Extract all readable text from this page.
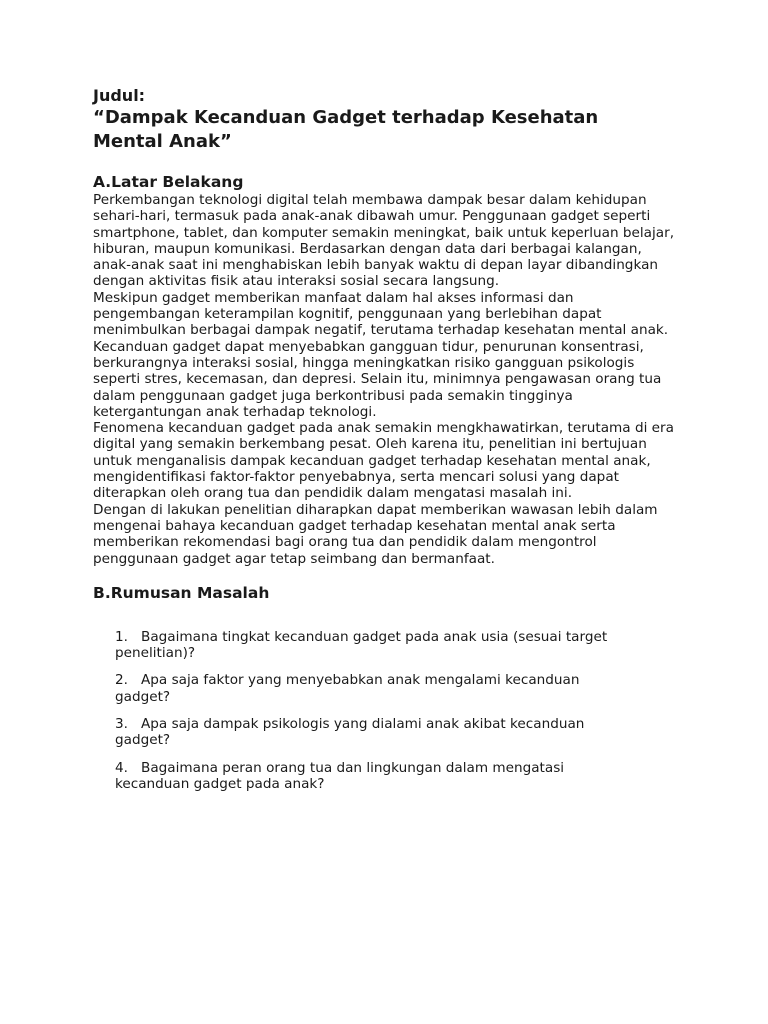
Judul:
“Dampak Kecanduan Gadget terhadap Kesehatan Mental Anak”
A.Latar Belakang

Perkembangan teknologi digital telah membawa dampak besar dalam kehidupan sehari-hari, termasuk pada anak-anak dibawah umur. Penggunaan gadget seperti smartphone, tablet, dan komputer semakin meningkat, baik untuk keperluan belajar, hiburan, maupun komunikasi. Berdasarkan dengan data dari berbagai kalangan, anak-anak saat ini menghabiskan lebih banyak waktu di depan layar dibandingkan dengan aktivitas fisik atau interaksi sosial secara langsung.

Meskipun gadget memberikan manfaat dalam hal akses informasi dan pengembangan keterampilan kognitif, penggunaan yang berlebihan dapat menimbulkan berbagai dampak negatif, terutama terhadap kesehatan mental anak. Kecanduan gadget dapat menyebabkan gangguan tidur, penurunan konsentrasi, berkurangnya interaksi sosial, hingga meningkatkan risiko gangguan psikologis seperti stres, kecemasan, dan depresi. Selain itu, minimnya pengawasan orang tua dalam penggunaan gadget juga berkontribusi pada semakin tingginya ketergantungan anak terhadap teknologi.

Fenomena kecanduan gadget pada anak semakin mengkhawatirkan, terutama di era digital yang semakin berkembang pesat. Oleh karena itu, penelitian ini bertujuan untuk menganalisis dampak kecanduan gadget terhadap kesehatan mental anak, mengidentifikasi faktor-faktor penyebabnya, serta mencari solusi yang dapat diterapkan oleh orang tua dan pendidik dalam mengatasi masalah ini.

Dengan di lakukan penelitian diharapkan dapat memberikan wawasan lebih dalam mengenai bahaya kecanduan gadget terhadap kesehatan mental anak serta memberikan rekomendasi bagi orang tua dan pendidik dalam mengontrol penggunaan gadget agar tetap seimbang dan bermanfaat.

B.Rumusan Masalah
1. Bagaimana tingkat kecanduan gadget pada anak usia (sesuai target penelitian)?
2. Apa saja faktor yang menyebabkan anak mengalami kecanduan gadget?
3. Apa saja dampak psikologis yang dialami anak akibat kecanduan gadget?
4. Bagaimana peran orang tua dan lingkungan dalam mengatasi kecanduan gadget pada anak?
